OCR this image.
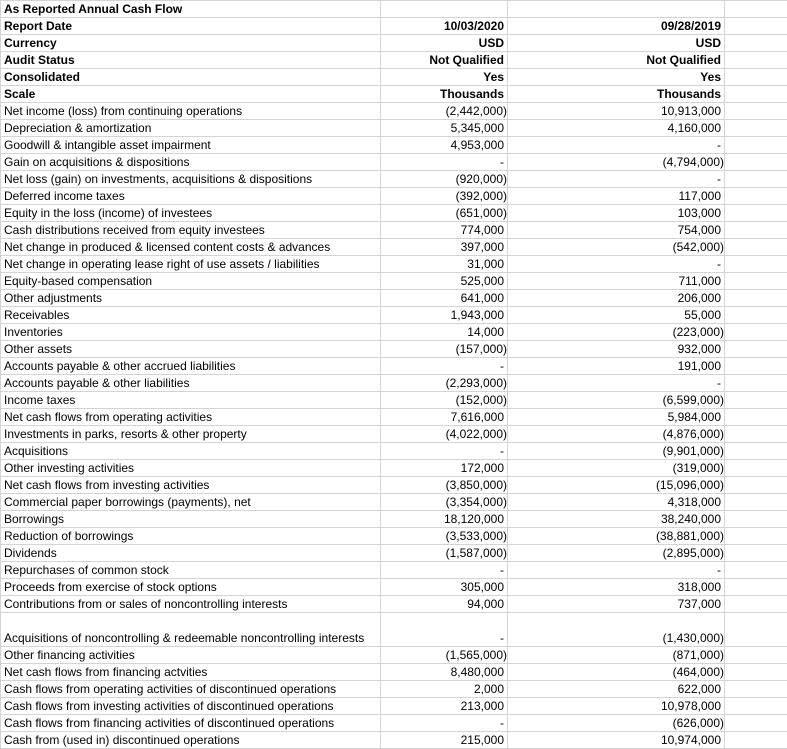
As Reported Annual Cash Flow			
Report Date	10/03/2020	09/28/2019	
Currency	USD	USD	
Audit Status	Not Qualified	Not Qualified	
Consolidated	Yes	Yes	
Scale	Thousands	Thousands	
Net income (loss) from continuing operations	(2,442,000)	10,913,000	
Depreciation & amortization	5,345,000	4,160,000	
Goodwill & intangible asset impairment	4,953,000	-	
Gain on acquisitions & dispositions	-	(4,794,000)	
Net loss (gain) on investments, acquisitions & dispositions	(920,000)	-	
Deferred income taxes	(392,000)	117,000	
Equity in the loss (income) of investees	(651,000)	103,000	
Cash distributions received from equity investees	774,000	754,000	
Net change in produced & licensed content costs & advances	397,000	(542,000)	
Net change in operating lease right of use assets / liabilities	31,000	-	
Equity-based compensation	525,000	711,000	
Other adjustments	641,000	206,000	
Receivables	1,943,000	55,000	
Inventories	14,000	(223,000)	
Other assets	(157,000)	932,000	
Accounts payable & other accrued liabilities	-	191,000	
Accounts payable & other liabilities	(2,293,000)	-	
Income taxes	(152,000)	(6,599,000)	
Net cash flows from operating activities	7,616,000	5,984,000	
Investments in parks, resorts & other property	(4,022,000)	(4,876,000)	
Acquisitions	-	(9,901,000)	
Other investing activities	172,000	(319,000)	
Net cash flows from investing activities	(3,850,000)	(15,096,000)	
Commercial paper borrowings (payments), net	(3,354,000)	4,318,000	
Borrowings	18,120,000	38,240,000	
Reduction of borrowings	(3,533,000)	(38,881,000)	
Dividends	(1,587,000)	(2,895,000)	
Repurchases of common stock	-	-	
Proceeds from exercise of stock options	305,000	318,000	
Contributions from or sales of noncontrolling interests	94,000	737,000	
Acquisitions of noncontrolling & redeemable noncontrolling interests	-	(1,430,000)	
Other financing activities	(1,565,000)	(871,000)	
Net cash flows from financing actvities	8,480,000	(464,000)	
Cash flows from operating activities of discontinued operations	2,000	622,000	
Cash flows from investing activities of discontinued operations	213,000	10,978,000	
Cash flows from financing activities of discontinued operations	-	(626,000)	
Cash from (used in) discontinued operations	215,000	10,974,000	
